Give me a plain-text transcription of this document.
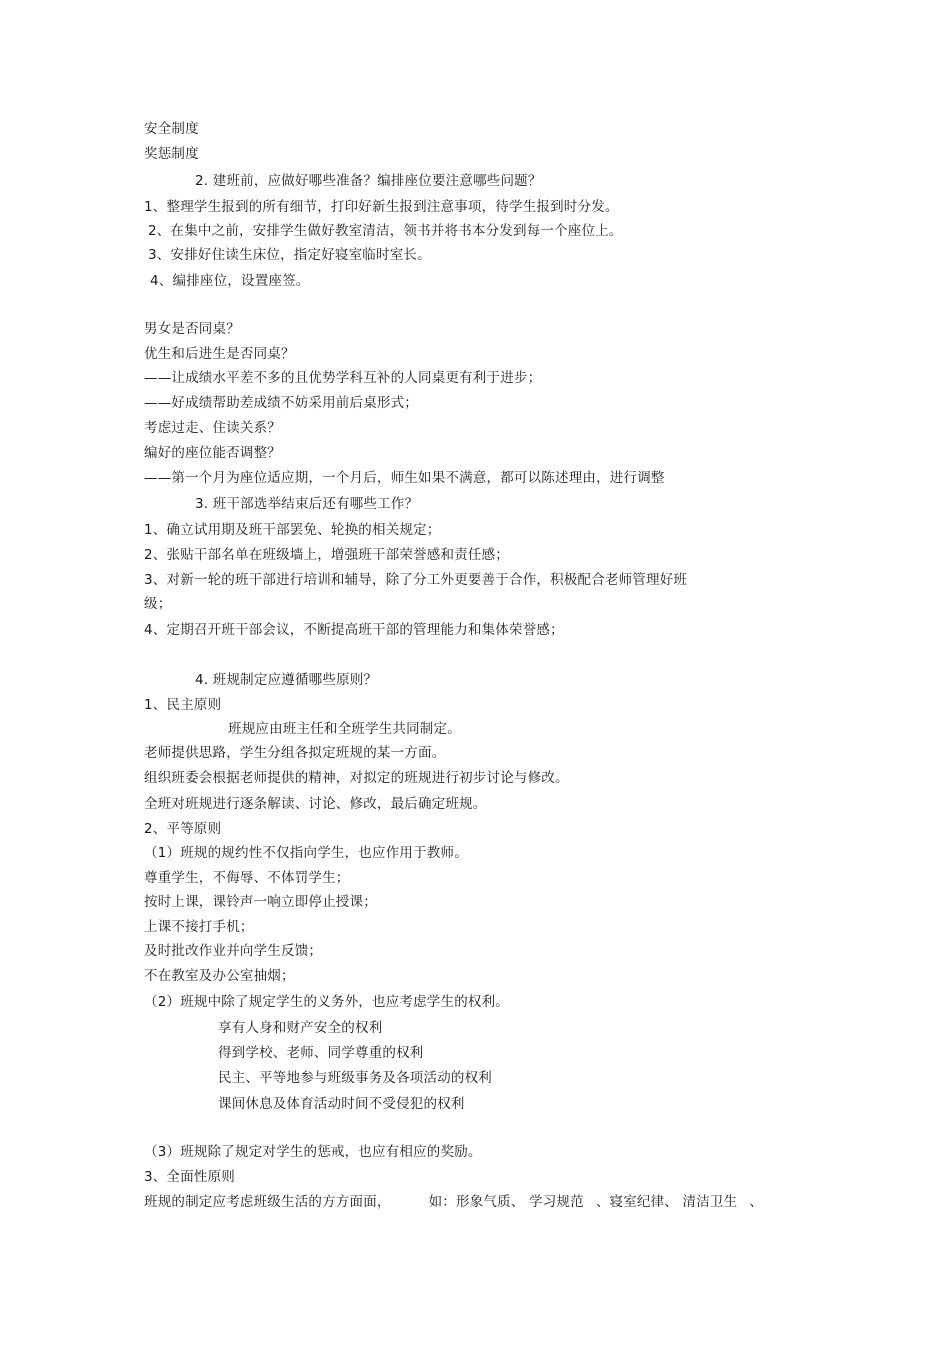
安全制度
奖惩制度
2. 建班前，应做好哪些准备？编排座位要注意哪些问题？
1、整理学生报到的所有细节，打印好新生报到注意事项，待学生报到时分发。
2、在集中之前，安排学生做好教室清洁，领书并将书本分发到每一个座位上。
3、安排好住读生床位，指定好寝室临时室长。
4、编排座位，设置座签。
男女是否同桌？
优生和后进生是否同桌？
——让成绩水平差不多的且优势学科互补的人同桌更有利于进步；
——好成绩帮助差成绩不妨采用前后桌形式；
考虑过走、住读关系？
编好的座位能否调整？
——第一个月为座位适应期，一个月后，师生如果不满意，都可以陈述理由，进行调整
3. 班干部选举结束后还有哪些工作？
1、确立试用期及班干部罢免、轮换的相关规定；
2、张贴干部名单在班级墙上，增强班干部荣誉感和责任感；
3、对新一轮的班干部进行培训和辅导，除了分工外更要善于合作，积极配合老师管理好班
级；
4、定期召开班干部会议，不断提高班干部的管理能力和集体荣誉感；
4. 班规制定应遵循哪些原则？
1、民主原则
班规应由班主任和全班学生共同制定。
老师提供思路，学生分组各拟定班规的某一方面。
组织班委会根据老师提供的精神，对拟定的班规进行初步讨论与修改。
全班对班规进行逐条解读、讨论、修改，最后确定班规。
2、平等原则
（1）班规的规约性不仅指向学生，也应作用于教师。
尊重学生，不侮辱、不体罚学生；
按时上课，课铃声一响立即停止授课；
上课不接打手机；
及时批改作业并向学生反馈；
不在教室及办公室抽烟；
（2）班规中除了规定学生的义务外，也应考虑学生的权利。
享有人身和财产安全的权利
得到学校、老师、同学尊重的权利
民主、平等地参与班级事务及各项活动的权利
课间休息及体育活动时间不受侵犯的权利
（3）班规除了规定对学生的惩戒，也应有相应的奖励。
3、全面性原则
班规的制定应考虑班级生活的方方面面，	如：形象气质、 学习规范 、寝室纪律、 清洁卫生 、
